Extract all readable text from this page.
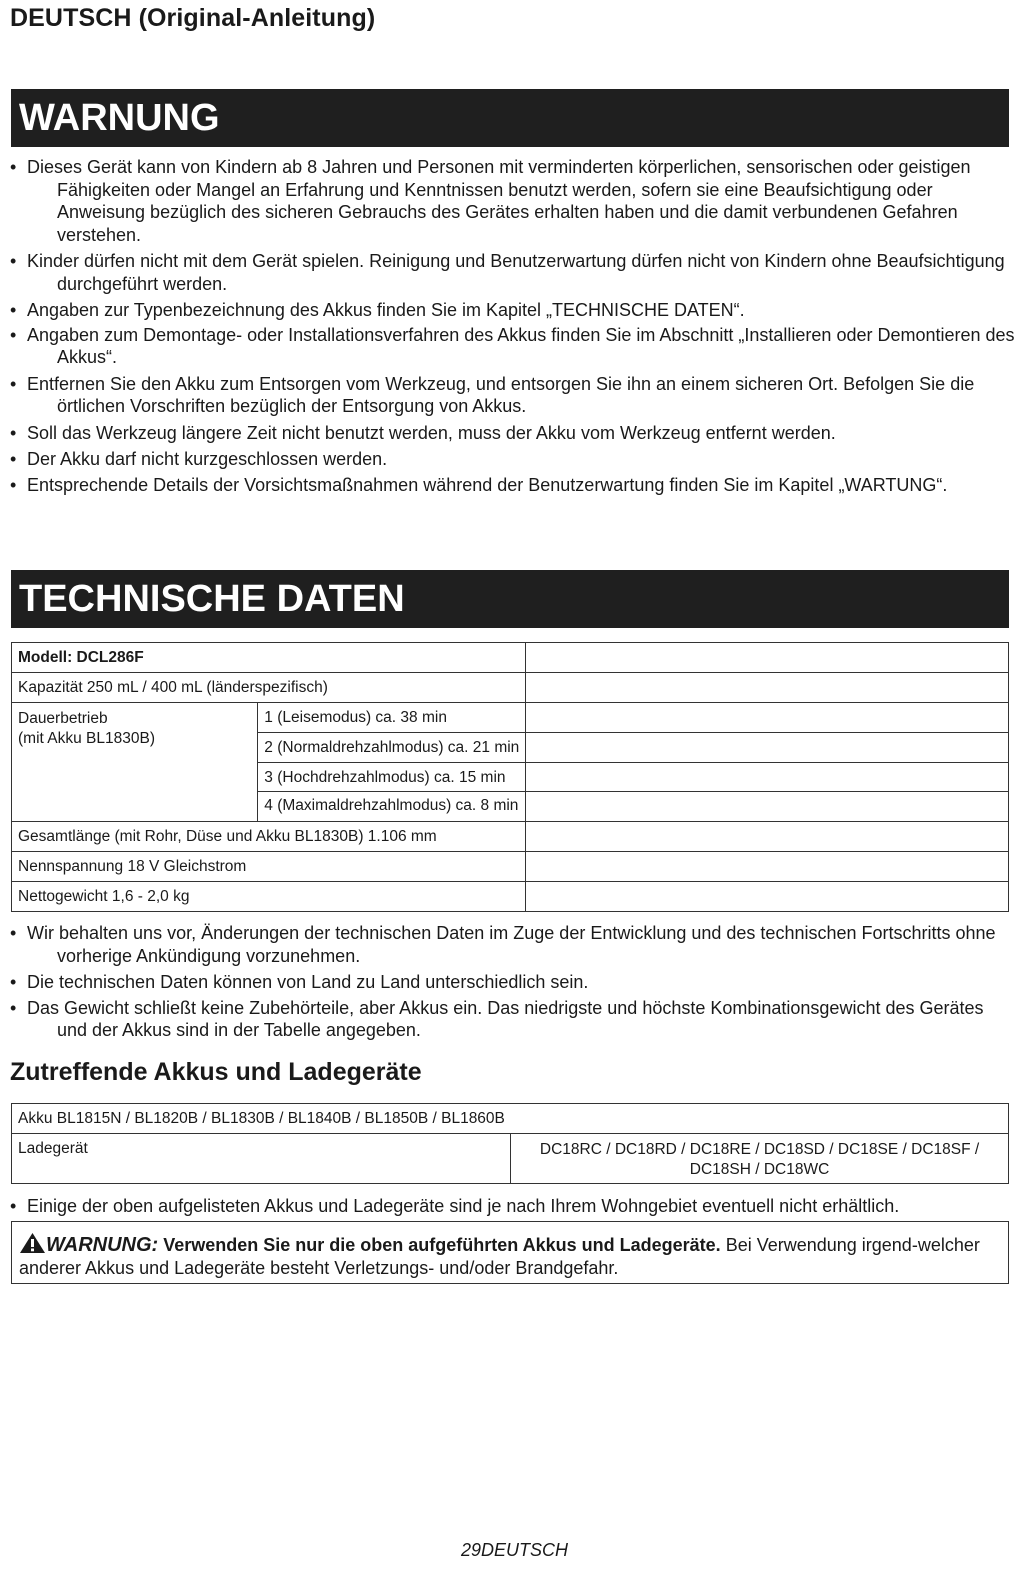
DEUTSCH (Original-Anleitung)
WARNUNG
• Dieses Gerät kann von Kindern ab 8 Jahren und Personen mit verminderten körperlichen, sensorischen oder geistigen Fähigkeiten oder Mangel an Erfahrung und Kenntnissen benutzt werden, sofern sie eine Beaufsichtigung oder Anweisung bezüglich des sicheren Gebrauchs des Gerätes erhalten haben und die damit verbundenen Gefahren verstehen.
• Kinder dürfen nicht mit dem Gerät spielen. Reinigung und Benutzerwartung dürfen nicht von Kindern ohne Beaufsichtigung durchgeführt werden.
• Angaben zur Typenbezeichnung des Akkus finden Sie im Kapitel „TECHNISCHE DATEN“.
• Angaben zum Demontage- oder Installationsverfahren des Akkus finden Sie im Abschnitt „Installieren oder Demontieren des Akkus“.
• Entfernen Sie den Akku zum Entsorgen vom Werkzeug, und entsorgen Sie ihn an einem sicheren Ort. Befolgen Sie die örtlichen Vorschriften bezüglich der Entsorgung von Akkus.
• Soll das Werkzeug längere Zeit nicht benutzt werden, muss der Akku vom Werkzeug entfernt werden.
• Der Akku darf nicht kurzgeschlossen werden.
• Entsprechende Details der Vorsichtsmaßnahmen während der Benutzerwartung finden Sie im Kapitel „WARTUNG“.
TECHNISCHE DATEN
Modell: DCL286F		
Kapazität 250 mL / 400 mL (länderspezifisch)		

Dauerbetrieb
(mit Akku BL1830B)	1 (Leisemodus) ca. 38 min	
	2 (Normaldrehzahlmodus) ca. 21 min	
	3 (Hochdrehzahlmodus) ca. 15 min	
	4 (Maximaldrehzahlmodus) ca. 8 min	
Gesamtlänge (mit Rohr, Düse und Akku BL1830B) 1.106 mm		
Nennspannung 18 V Gleichstrom		
Nettogewicht 1,6 - 2,0 kg		
• Wir behalten uns vor, Änderungen der technischen Daten im Zuge der Entwicklung und des technischen Fortschritts ohne vorherige Ankündigung vorzunehmen.
• Die technischen Daten können von Land zu Land unterschiedlich sein.
• Das Gewicht schließt keine Zubehörteile, aber Akkus ein. Das niedrigste und höchste Kombinationsgewicht des Gerätes und der Akkus sind in der Tabelle angegeben.
Zutreffende Akkus und Ladegeräte
Akku BL1815N / BL1820B / BL1830B / BL1840B / BL1850B / BL1860B
Ladegerät	DC18RC / DC18RD / DC18RE / DC18SD / DC18SE / DC18SF /
DC18SH / DC18WC
• Einige der oben aufgelisteten Akkus und Ladegeräte sind je nach Ihrem Wohngebiet eventuell nicht erhältlich.
WARNUNG: Verwenden Sie nur die oben aufgeführten Akkus und Ladegeräte. Bei Verwendung irgend-welcher anderer Akkus und Ladegeräte besteht Verletzungs- und/oder Brandgefahr.
29DEUTSCH
